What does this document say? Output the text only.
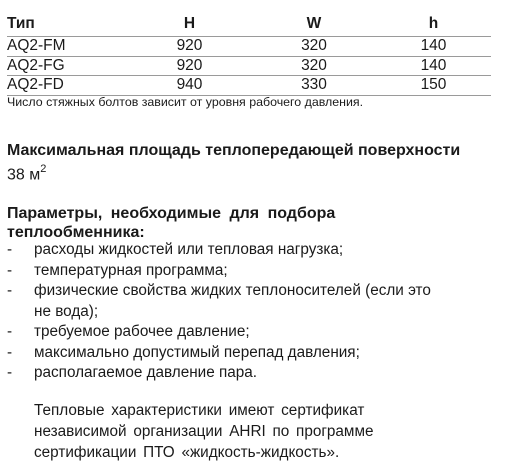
Тип	H	W	h
AQ2-FM	920	320	140
AQ2-FG	920	320	140
AQ2-FD	940	330	150
Число стяжных болтов зависит от уровня рабочего давления.
Максимальная площадь теплопередающей поверхности
38 $м^2$
Параметры, необходимые для подбора
теплообменника:
- расходы жидкостей или тепловая нагрузка;
- температурная программа;
- физические свойства жидких теплоносителей (если это
не вода);
- требуемое рабочее давление;
- максимально допустимый перепад давления;
- располагаемое давление пара.
Тепловые характеристики имеют сертификат
независимой организации AHRI по программе
сертификации ПТО «жидкость-жидкость».
